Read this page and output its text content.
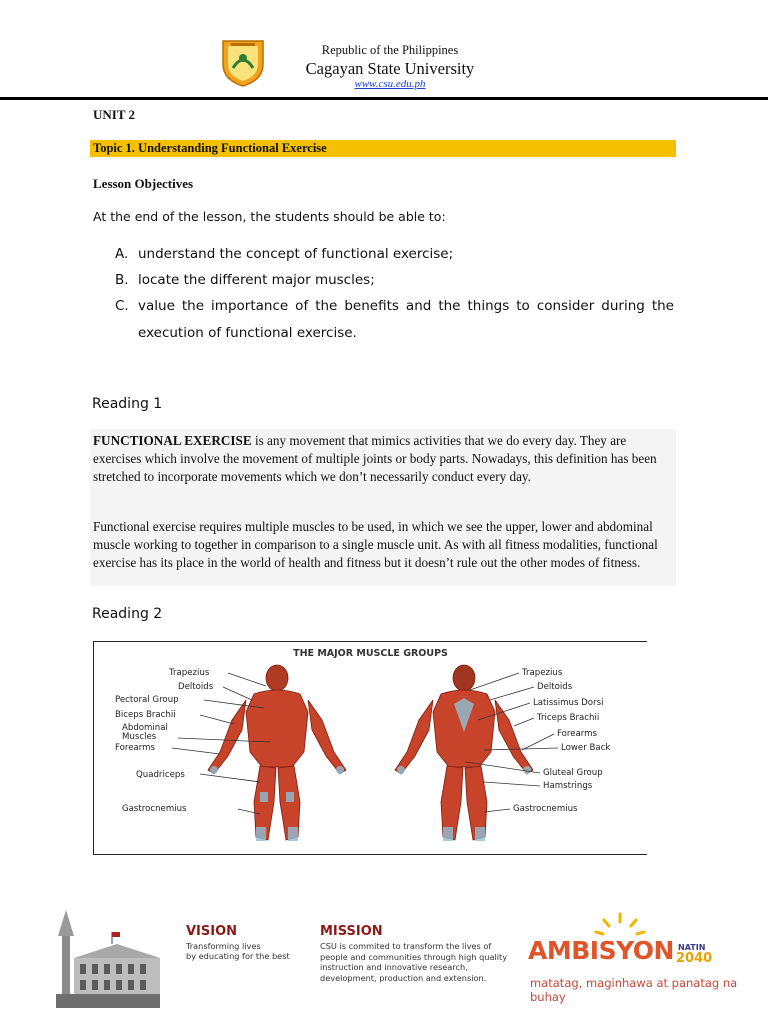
Republic of the Philippines
Cagayan State University
www.csu.edu.ph
UNIT 2
Topic 1. Understanding Functional Exercise
Lesson Objectives
At the end of the lesson, the students should be able to:
A. understand the concept of functional exercise;
B. locate the different major muscles;
C. value the importance of the benefits and the things to consider during the execution of functional exercise.
Reading 1
FUNCTIONAL EXERCISE is any movement that mimics activities that we do every day. They are exercises which involve the movement of multiple joints or body parts. Nowadays, this definition has been stretched to incorporate movements which we don’t necessarily conduct every day.
Functional exercise requires multiple muscles to be used, in which we see the upper, lower and abdominal muscle working to together in comparison to a single muscle unit. As with all fitness modalities, functional exercise has its place in the world of health and fitness but it doesn’t rule out the other modes of fitness.
Reading 2
THE MAJOR MUSCLE GROUPS
Trapezius
Deltoids
Pectoral Group
Biceps Brachii
Abdominal
Muscles
Forearms
Quadriceps
Gastrocnemius
Trapezius
Deltoids
Latissimus Dorsi
Triceps Brachii
Forearms
Lower Back
Gluteal Group
Hamstrings
Gastrocnemius
VISION
Transforming lives
by educating for the best
MISSION
CSU is commited to transform the lives of people and communities through high quality instruction and innovative research, development, production and extension.
AMBISYON NATIN
2040
matatag, maginhawa at panatag na buhay
